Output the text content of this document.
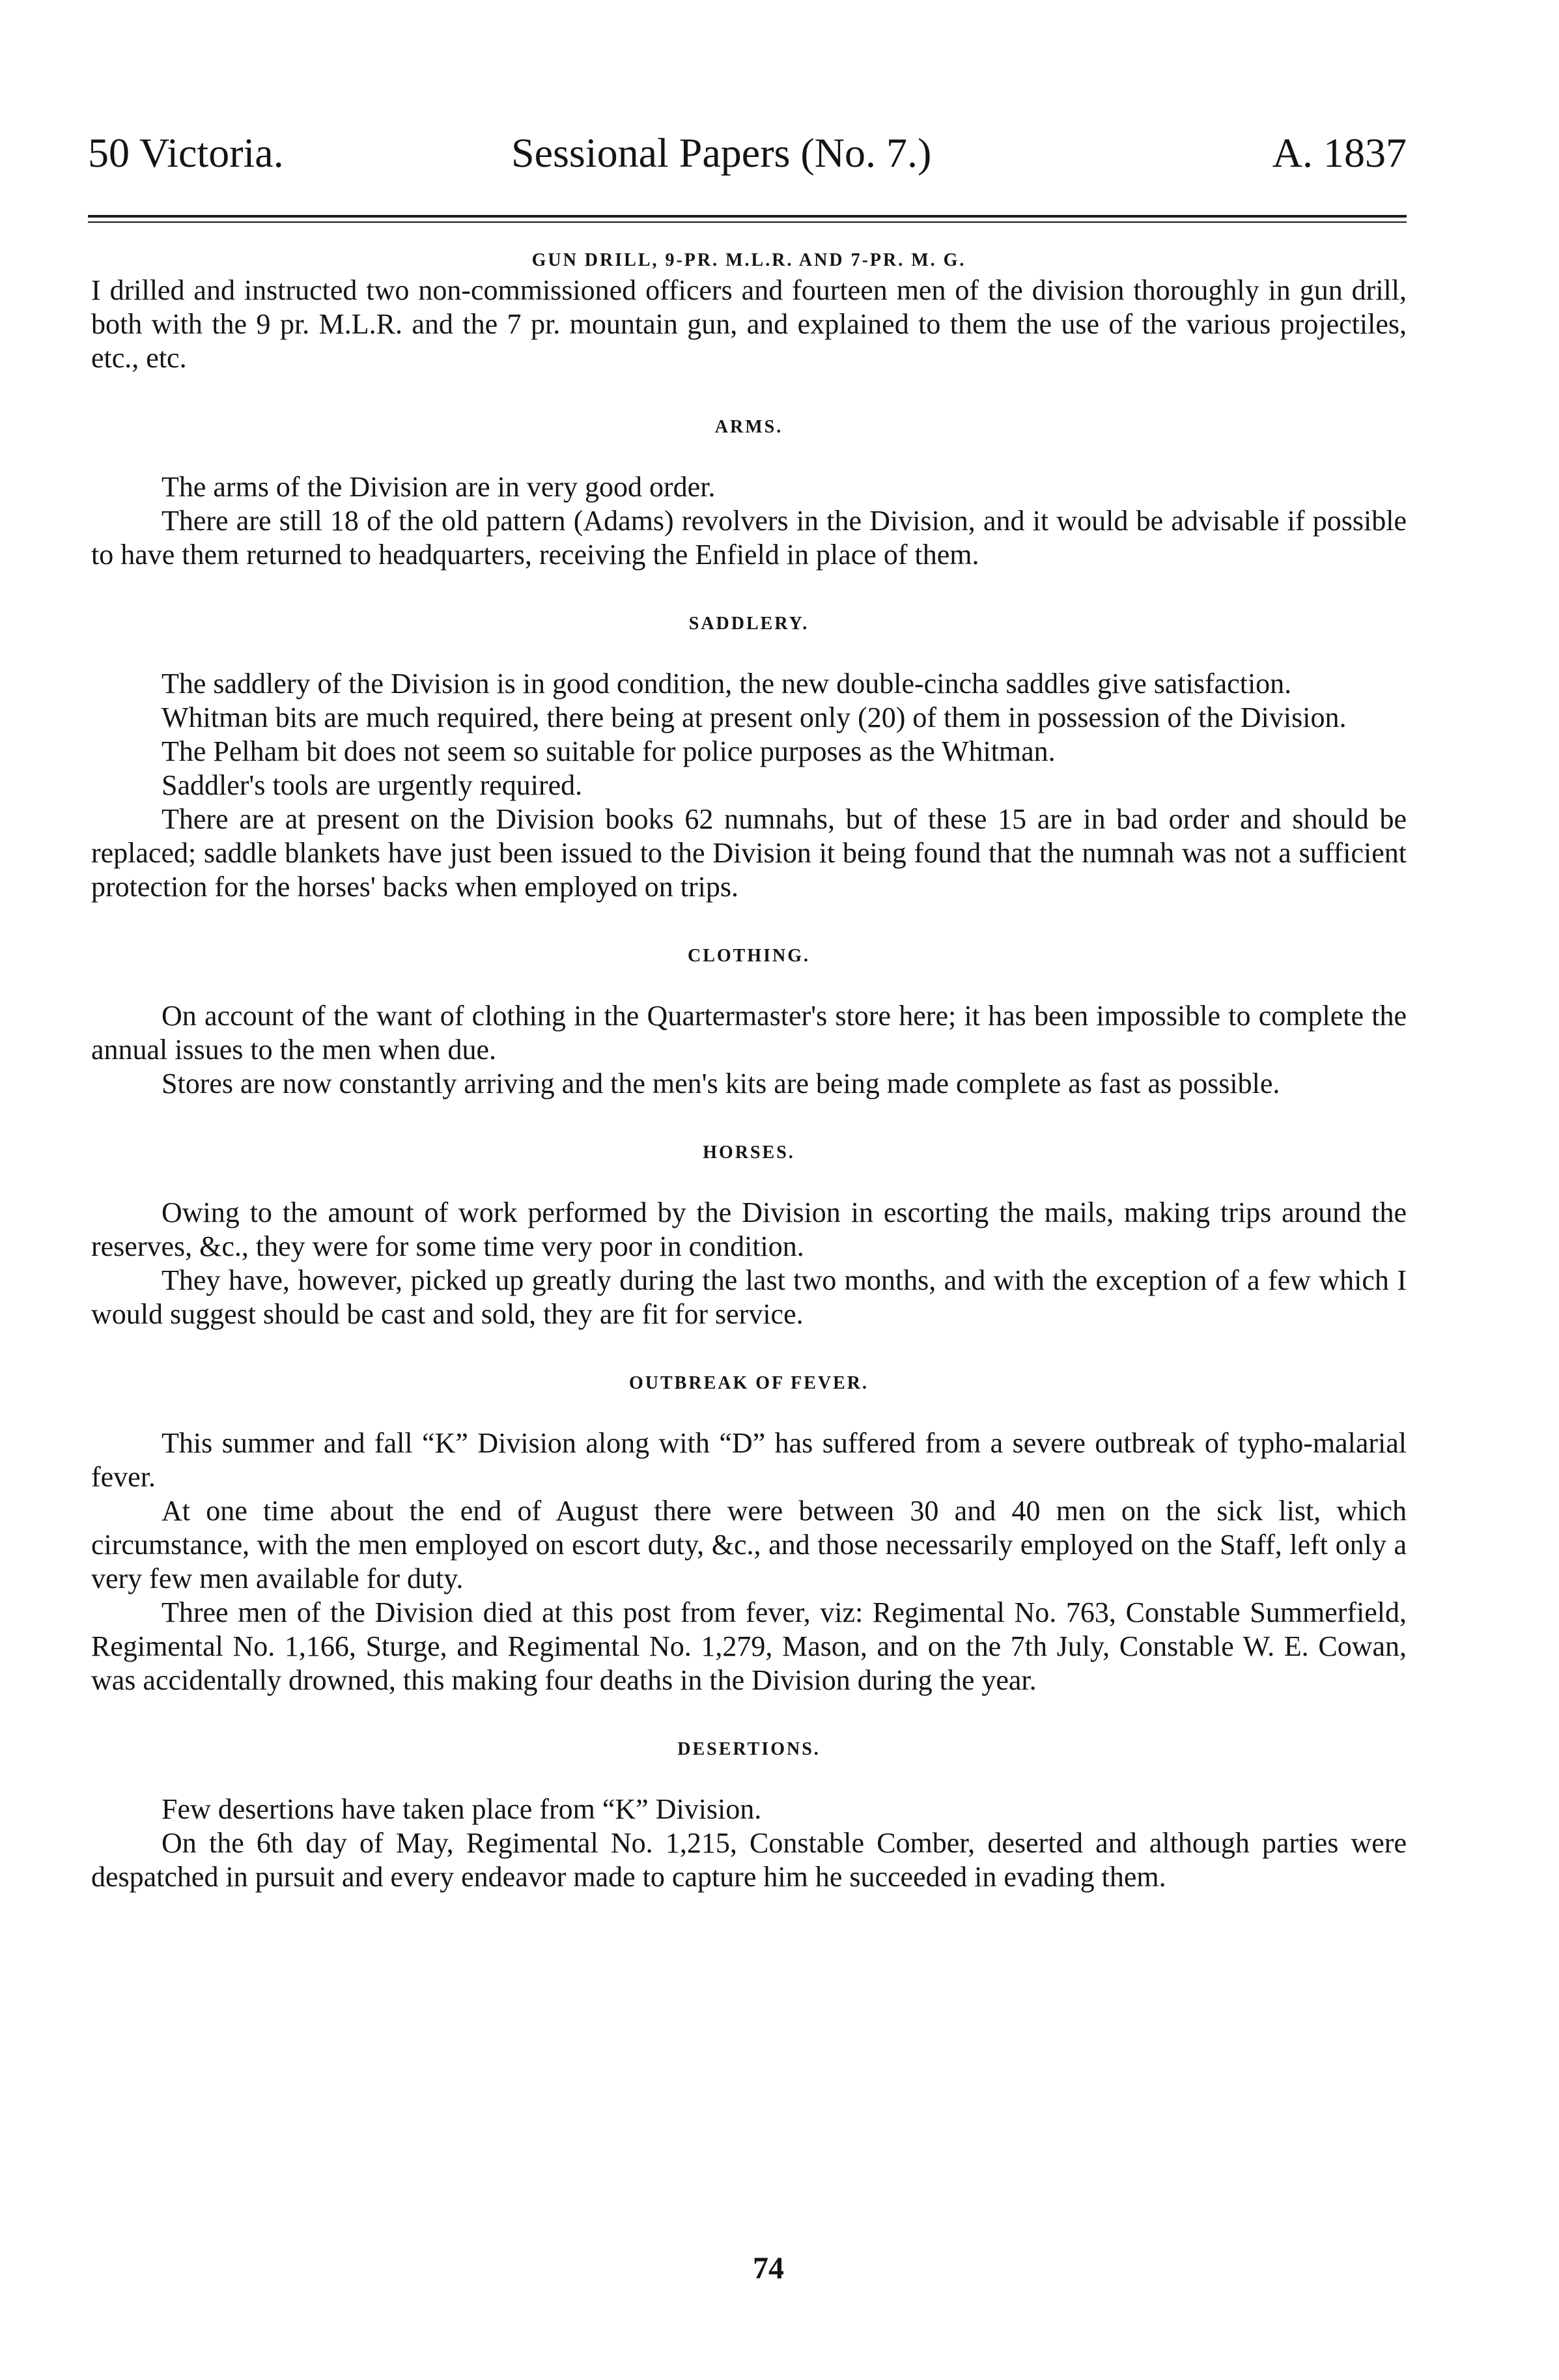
50 Victoria.	Sessional Papers (No. 7.)	A. 1837
GUN DRILL, 9-PR. M.L.R. AND 7-PR. M. G.

I drilled and instructed two non-commissioned officers and fourteen men of the division thoroughly in gun drill, both with the 9 pr. M.L.R. and the 7 pr. mountain gun, and explained to them the use of the various projectiles, etc., etc.

ARMS.

The arms of the Division are in very good order.

There are still 18 of the old pattern (Adams) revolvers in the Division, and it would be advisable if possible to have them returned to headquarters, receiving the Enfield in place of them.

SADDLERY.

The saddlery of the Division is in good condition, the new double-cincha saddles give satisfaction.

Whitman bits are much required, there being at present only (20) of them in possession of the Division.

The Pelham bit does not seem so suitable for police purposes as the Whitman.

Saddler's tools are urgently required.

There are at present on the Division books 62 numnahs, but of these 15 are in bad order and should be replaced; saddle blankets have just been issued to the Division it being found that the numnah was not a sufficient protection for the horses' backs when employed on trips.

CLOTHING.

On account of the want of clothing in the Quartermaster's store here; it has been impossible to complete the annual issues to the men when due.

Stores are now constantly arriving and the men's kits are being made complete as fast as possible.

HORSES.

Owing to the amount of work performed by the Division in escorting the mails, making trips around the reserves, &c., they were for some time very poor in condition.

They have, however, picked up greatly during the last two months, and with the exception of a few which I would suggest should be cast and sold, they are fit for service.

OUTBREAK OF FEVER.

This summer and fall “K” Division along with “D” has suffered from a severe outbreak of typho-malarial fever.

At one time about the end of August there were between 30 and 40 men on the sick list, which circumstance, with the men employed on escort duty, &c., and those necessarily employed on the Staff, left only a very few men available for duty.

Three men of the Division died at this post from fever, viz: Regimental No. 763, Constable Summerfield, Regimental No. 1,166, Sturge, and Regimental No. 1,279, Mason, and on the 7th July, Constable W. E. Cowan, was accidentally drowned, this making four deaths in the Division during the year.

DESERTIONS.

Few desertions have taken place from “K” Division.

On the 6th day of May, Regimental No. 1,215, Constable Comber, deserted and although parties were despatched in pursuit and every endeavor made to capture him he succeeded in evading them.

74
